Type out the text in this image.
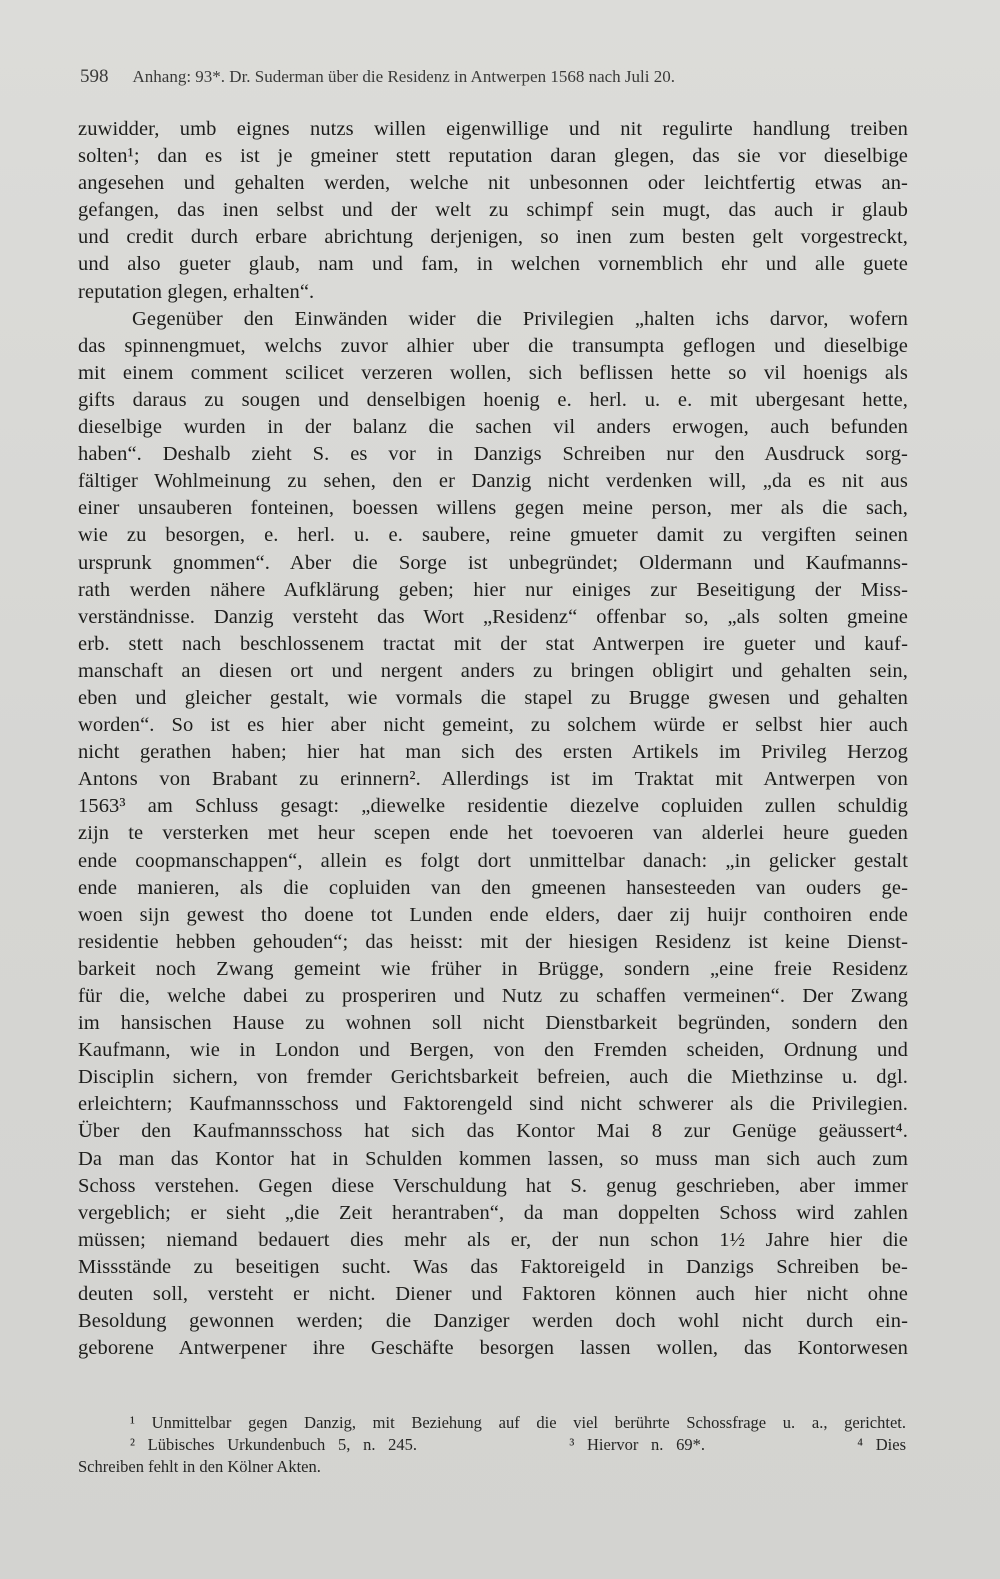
598 Anhang: 93*. Dr. Suderman über die Residenz in Antwerpen 1568 nach Juli 20.
zuwidder, umb eignes nutzs willen eigenwillige und nit regulirte handlung treiben
solten¹; dan es ist je gmeiner stett reputation daran glegen, das sie vor dieselbige
angesehen und gehalten werden, welche nit unbesonnen oder leichtfertig etwas an-
gefangen, das inen selbst und der welt zu schimpf sein mugt, das auch ir glaub
und credit durch erbare abrichtung derjenigen, so inen zum besten gelt vorgestreckt,
und also gueter glaub, nam und fam, in welchen vornemblich ehr und alle guete
reputation glegen, erhalten“.
Gegenüber den Einwänden wider die Privilegien „halten ichs darvor, wofern
das spinnengmuet, welchs zuvor alhier uber die transumpta geflogen und dieselbige
mit einem comment scilicet verzeren wollen, sich beflissen hette so vil hoenigs als
gifts daraus zu sougen und denselbigen hoenig e. herl. u. e. mit ubergesant hette,
dieselbige wurden in der balanz die sachen vil anders erwogen, auch befunden
haben“. Deshalb zieht S. es vor in Danzigs Schreiben nur den Ausdruck sorg-
fältiger Wohlmeinung zu sehen, den er Danzig nicht verdenken will, „da es nit aus
einer unsauberen fonteinen, boessen willens gegen meine person, mer als die sach,
wie zu besorgen, e. herl. u. e. saubere, reine gmueter damit zu vergiften seinen
ursprunk gnommen“. Aber die Sorge ist unbegründet; Oldermann und Kaufmanns-
rath werden nähere Aufklärung geben; hier nur einiges zur Beseitigung der Miss-
verständnisse. Danzig versteht das Wort „Residenz“ offenbar so, „als solten gmeine
erb. stett nach beschlossenem tractat mit der stat Antwerpen ire gueter und kauf-
manschaft an diesen ort und nergent anders zu bringen obligirt und gehalten sein,
eben und gleicher gestalt, wie vormals die stapel zu Brugge gwesen und gehalten
worden“. So ist es hier aber nicht gemeint, zu solchem würde er selbst hier auch
nicht gerathen haben; hier hat man sich des ersten Artikels im Privileg Herzog
Antons von Brabant zu erinnern². Allerdings ist im Traktat mit Antwerpen von
1563³ am Schluss gesagt: „diewelke residentie diezelve copluiden zullen schuldig
zijn te versterken met heur scepen ende het toevoeren van alderlei heure gueden
ende coopmanschappen“, allein es folgt dort unmittelbar danach: „in gelicker gestalt
ende manieren, als die copluiden van den gmeenen hansesteeden van ouders ge-
woen sijn gewest tho doene tot Lunden ende elders, daer zij huijr conthoiren ende
residentie hebben gehouden“; das heisst: mit der hiesigen Residenz ist keine Dienst-
barkeit noch Zwang gemeint wie früher in Brügge, sondern „eine freie Residenz
für die, welche dabei zu prosperiren und Nutz zu schaffen vermeinen“. Der Zwang
im hansischen Hause zu wohnen soll nicht Dienstbarkeit begründen, sondern den
Kaufmann, wie in London und Bergen, von den Fremden scheiden, Ordnung und
Disciplin sichern, von fremder Gerichtsbarkeit befreien, auch die Miethzinse u. dgl.
erleichtern; Kaufmannsschoss und Faktorengeld sind nicht schwerer als die Privilegien.
Über den Kaufmannsschoss hat sich das Kontor Mai 8 zur Genüge geäussert⁴.
Da man das Kontor hat in Schulden kommen lassen, so muss man sich auch zum
Schoss verstehen. Gegen diese Verschuldung hat S. genug geschrieben, aber immer
vergeblich; er sieht „die Zeit herantraben“, da man doppelten Schoss wird zahlen
müssen; niemand bedauert dies mehr als er, der nun schon 1½ Jahre hier die
Missstände zu beseitigen sucht. Was das Faktoreigeld in Danzigs Schreiben be-
deuten soll, versteht er nicht. Diener und Faktoren können auch hier nicht ohne
Besoldung gewonnen werden; die Danziger werden doch wohl nicht durch ein-
geborene Antwerpener ihre Geschäfte besorgen lassen wollen, das Kontorwesen
¹ Unmittelbar gegen Danzig, mit Beziehung auf die viel berührte Schossfrage u. a., gerichtet.
² Lübisches Urkundenbuch 5, n. 245.            ³ Hiervor n. 69*.            ⁴ Dies
Schreiben fehlt in den Kölner Akten.
